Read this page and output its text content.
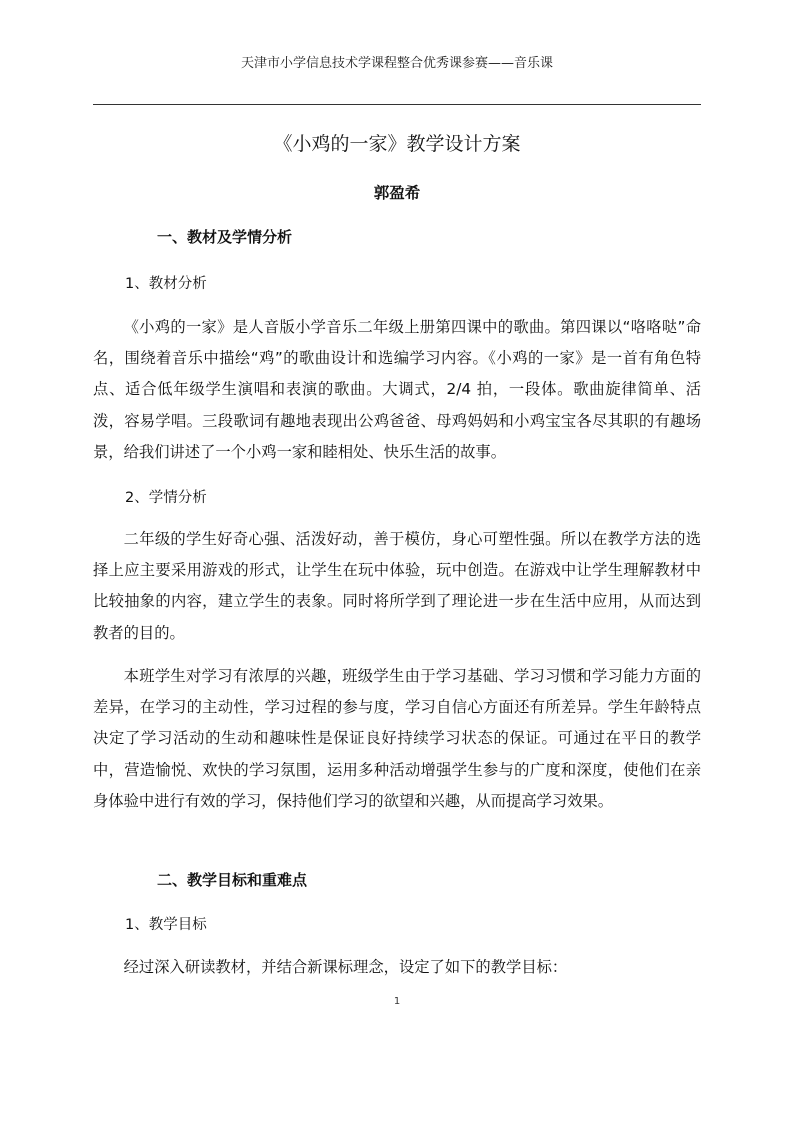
天津市小学信息技术学课程整合优秀课参赛——音乐课
《小鸡的一家》教学设计方案
郭盈希
一、教材及学情分析
1、教材分析
《小鸡的一家》是人音版小学音乐二年级上册第四课中的歌曲。第四课以“咯咯哒”命名，围绕着音乐中描绘“鸡”的歌曲设计和选编学习内容。《小鸡的一家》是一首有角色特点、适合低年级学生演唱和表演的歌曲。大调式，2/4 拍，一段体。歌曲旋律简单、活泼，容易学唱。三段歌词有趣地表现出公鸡爸爸、母鸡妈妈和小鸡宝宝各尽其职的有趣场景，给我们讲述了一个小鸡一家和睦相处、快乐生活的故事。
2、学情分析
二年级的学生好奇心强、活泼好动，善于模仿，身心可塑性强。所以在教学方法的选择上应主要采用游戏的形式，让学生在玩中体验，玩中创造。在游戏中让学生理解教材中比较抽象的内容，建立学生的表象。同时将所学到了理论进一步在生活中应用，从而达到教者的目的。
本班学生对学习有浓厚的兴趣，班级学生由于学习基础、学习习惯和学习能力方面的差异，在学习的主动性，学习过程的参与度，学习自信心方面还有所差异。学生年龄特点决定了学习活动的生动和趣味性是保证良好持续学习状态的保证。可通过在平日的教学中，营造愉悦、欢快的学习氛围，运用多种活动增强学生参与的广度和深度，使他们在亲身体验中进行有效的学习，保持他们学习的欲望和兴趣，从而提高学习效果。
二、教学目标和重难点
1、教学目标
经过深入研读教材，并结合新课标理念，设定了如下的教学目标：
1
